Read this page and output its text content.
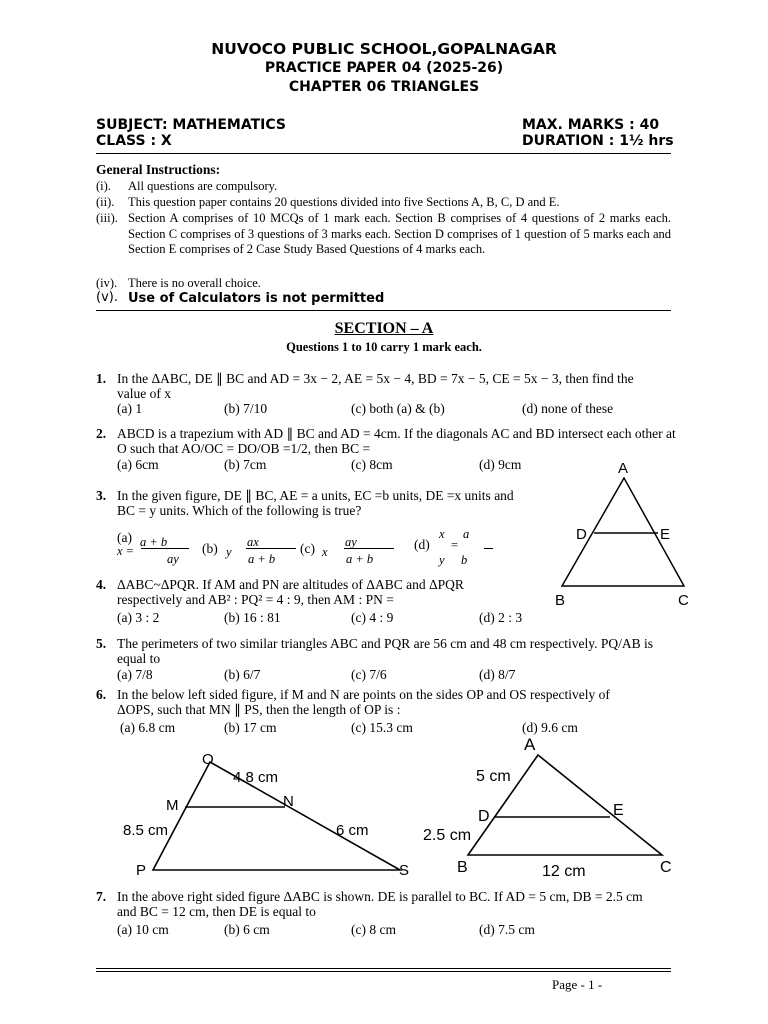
NUVOCO PUBLIC SCHOOL,GOPALNAGAR
PRACTICE PAPER 04 (2025-26)
CHAPTER 06 TRIANGLES
SUBJECT: MATHEMATICS
CLASS : X
MAX. MARKS : 40
DURATION : 1½ hrs
General Instructions:
(i). All questions are compulsory.
(ii). This question paper contains 20 questions divided into five Sections A, B, C, D and E.
(iii). Section A comprises of 10 MCQs of 1 mark each. Section B comprises of 4 questions of 2 marks each. Section C comprises of 3 questions of 3 marks each. Section D comprises of 1 question of 5 marks each and Section E comprises of 2 Case Study Based Questions of 4 marks each.
(iv). There is no overall choice.
(v). Use of Calculators is not permitted
SECTION – A
Questions 1 to 10 carry 1 mark each.
1. In the ΔABC, DE ∥ BC and AD = 3x − 2, AE = 5x − 4, BD = 7x − 5, CE = 5x − 3, then find the value of x
(a) 1	(b) 7/10	(c) both (a) & (b)	(d) none of these
2. ABCD is a trapezium with AD ∥ BC and AD = 4cm. If the diagonals AC and BD intersect each other at O such that AO/OC = DO/OB =1/2, then BC =
(a) 6cm	(b) 7cm	(c) 8cm	(d) 9cm
3. In the given figure, DE ∥ BC, AE = a units, EC =b units, DE =x units and BC = y units. Which of the following is true?
(a)
x =
a + b
ay
(b) y
ax
a + b
(c) x
ay
a + b
(d)
x
y
=
a
b
A
D	E
B	C
4. ΔABC~ΔPQR. If AM and PN are altitudes of ΔABC and ΔPQR respectively and AB² : PQ² = 4 : 9, then AM : PN =
(a) 3 : 2	(b) 16 : 81	(c) 4 : 9	(d) 2 : 3
5. The perimeters of two similar triangles ABC and PQR are 56 cm and 48 cm respectively. PQ/AB is equal to
(a) 7/8	(b) 6/7	(c) 7/6	(d) 8/7
6. In the below left sided figure, if M and N are points on the sides OP and OS respectively of ΔOPS, such that MN ∥ PS, then the length of OP is :
(a) 6.8 cm	(b) 17 cm	(c) 15.3 cm	(d) 9.6 cm
O
4.8 cm
M	N
8.5 cm	6 cm
P	S
A
5 cm
D	E
2.5 cm
B	12 cm	C
7. In the above right sided figure ΔABC is shown. DE is parallel to BC. If AD = 5 cm, DB = 2.5 cm and BC = 12 cm, then DE is equal to
(a) 10 cm	(b) 6 cm	(c) 8 cm	(d) 7.5 cm
Page - 1 -
